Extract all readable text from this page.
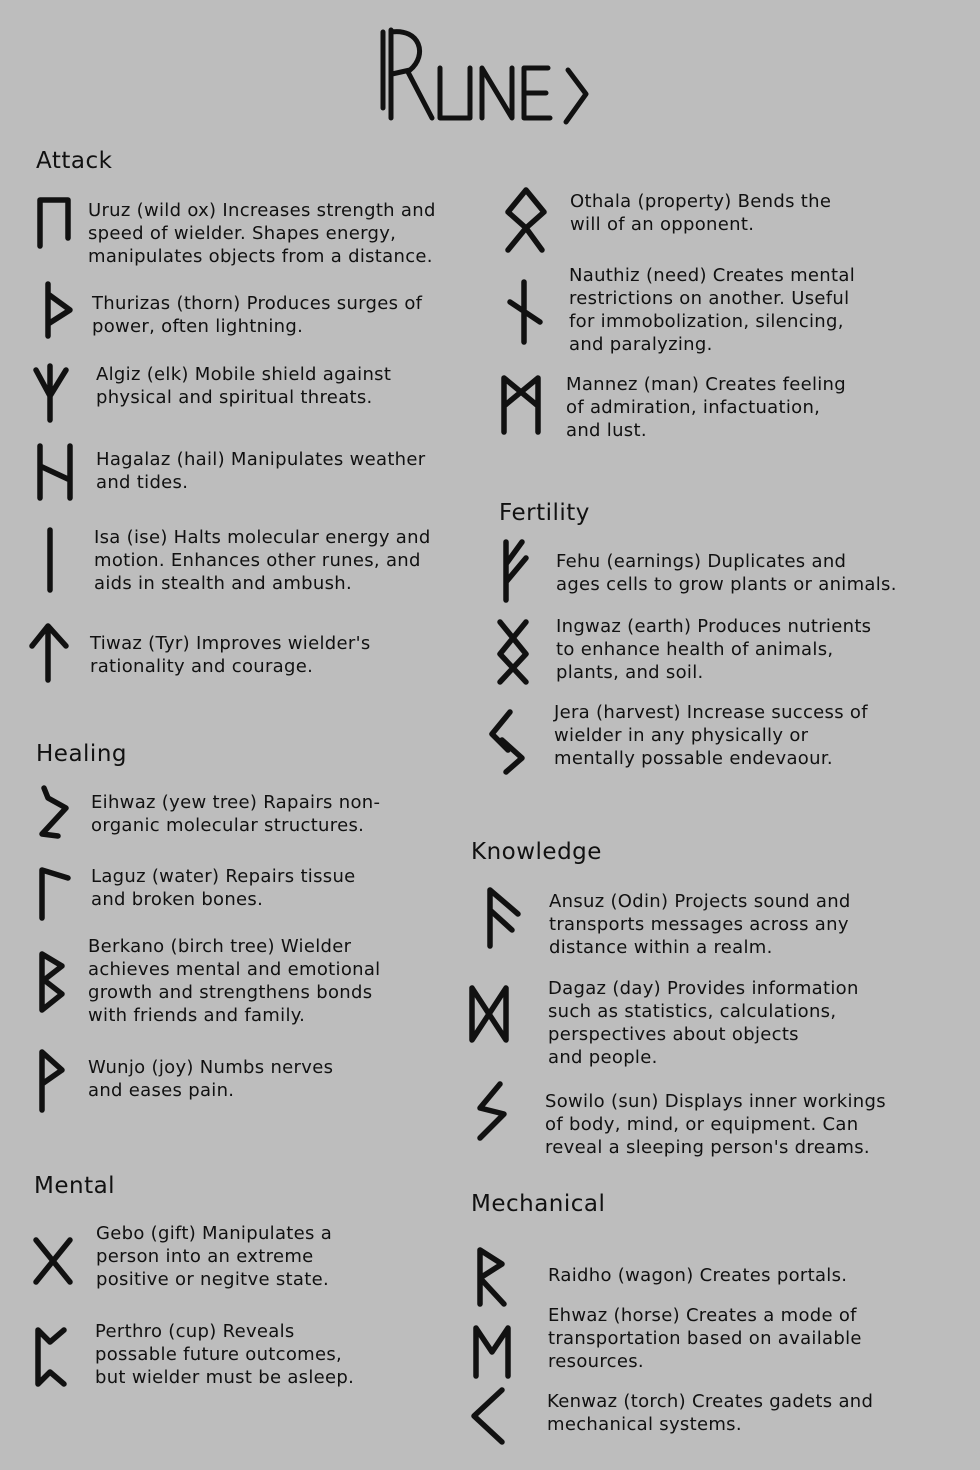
Attack
Healing
Mental
Fertility
Knowledge
Mechanical
Uruz (wild ox) Increases strength and
speed of wielder. Shapes energy,
manipulates objects from a distance.
Thurizas (thorn) Produces surges of
power, often lightning.
Algiz (elk) Mobile shield against
physical and spiritual threats.
Hagalaz (hail) Manipulates weather
and tides.
Isa (ise) Halts molecular energy and
motion. Enhances other runes, and
aids in stealth and ambush.
Tiwaz (Tyr) Improves wielder's
rationality and courage.
Eihwaz (yew tree) Rapairs non-
organic molecular structures.
Laguz (water) Repairs tissue
and broken bones.
Berkano (birch tree) Wielder
achieves mental and emotional
growth and strengthens bonds
with friends and family.
Wunjo (joy) Numbs nerves
and eases pain.
Gebo (gift) Manipulates a
person into an extreme
positive or negitve state.
Perthro (cup) Reveals
possable future outcomes,
but wielder must be asleep.
Othala (property) Bends the
will of an opponent.
Nauthiz (need) Creates mental
restrictions on another. Useful
for immobolization, silencing,
and paralyzing.
Mannez (man) Creates feeling
of admiration, infactuation,
and lust.
Fehu (earnings) Duplicates and
ages cells to grow plants or animals.
Ingwaz (earth) Produces nutrients
to enhance health of animals,
plants, and soil.
Jera (harvest) Increase success of
wielder in any physically or
mentally possable endevaour.
Ansuz (Odin) Projects sound and
transports messages across any
distance within a realm.
Dagaz (day) Provides information
such as statistics, calculations,
perspectives about objects
and people.
Sowilo (sun) Displays inner workings
of body, mind, or equipment. Can
reveal a sleeping person's dreams.
Raidho (wagon) Creates portals.
Ehwaz (horse) Creates a mode of
transportation based on available
resources.
Kenwaz (torch) Creates gadets and
mechanical systems.
